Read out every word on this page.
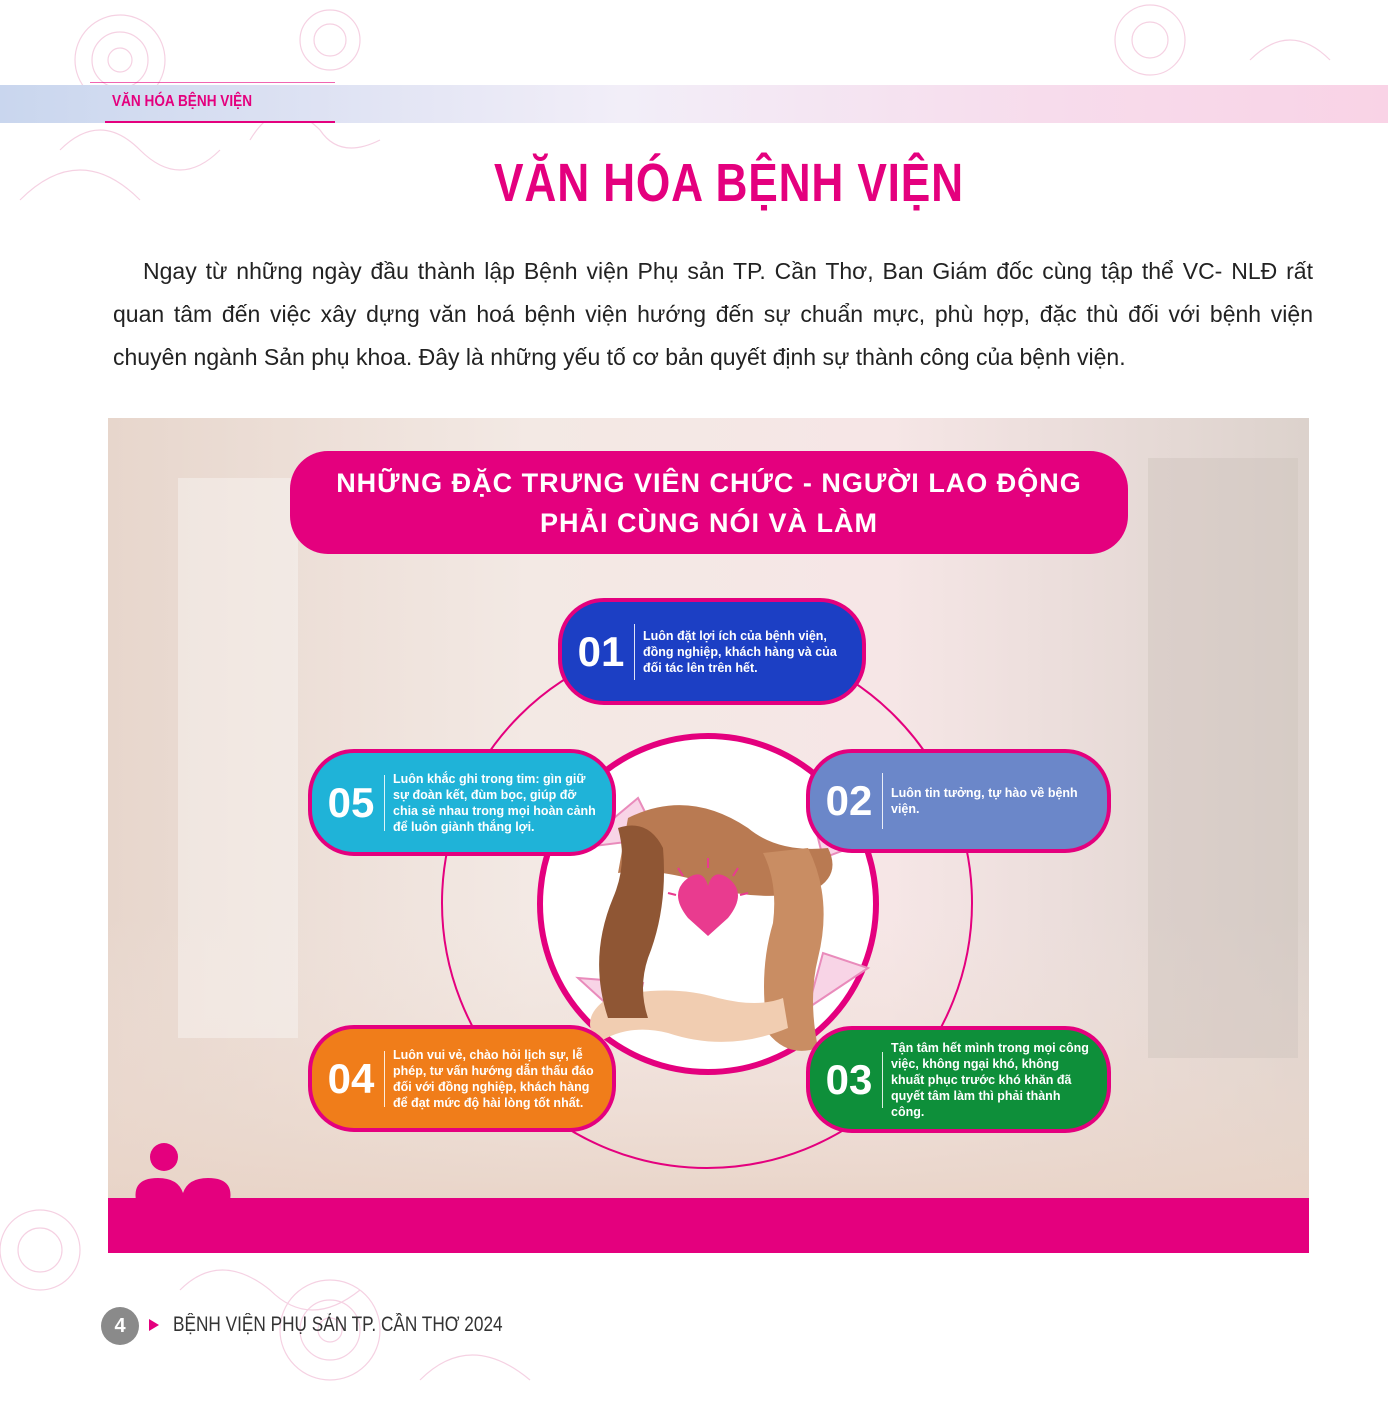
VĂN HÓA BỆNH VIỆN
VĂN HÓA BỆNH VIỆN

Ngay từ những ngày đầu thành lập Bệnh viện Phụ sản TP. Cần Thơ, Ban Giám đốc cùng tập thể VC- NLĐ rất quan tâm đến việc xây dựng văn hoá bệnh viện hướng đến sự chuẩn mực, phù hợp, đặc thù đối với bệnh viện chuyên ngành Sản phụ khoa. Đây là những yếu tố cơ bản quyết định sự thành công của bệnh viện.

NHỮNG ĐẶC TRƯNG VIÊN CHỨC - NGƯỜI LAO ĐỘNG
PHẢI CÙNG NÓI VÀ LÀM
01	Luôn đặt lợi ích của bệnh viện, đồng nghiệp, khách hàng và của đối tác lên trên hết.
02	Luôn tin tưởng, tự hào về bệnh viện.
03
Tận tâm hết mình trong mọi công việc, không ngại khó, không khuất phục trước khó khăn đã quyết tâm làm thì phải thành công.
04	Luôn vui vẻ, chào hỏi lịch sự, lễ phép, tư vấn hướng dẫn thấu đáo đối với đồng nghiệp, khách hàng để đạt mức độ hài lòng tốt nhất.
05	Luôn khắc ghi trong tim: gìn giữ sự đoàn kết, đùm bọc, giúp đỡ chia sẻ nhau trong mọi hoàn cảnh để luôn giành thắng lợi.
4	BỆNH VIỆN PHỤ SẢN TP. CẦN THƠ 2024
